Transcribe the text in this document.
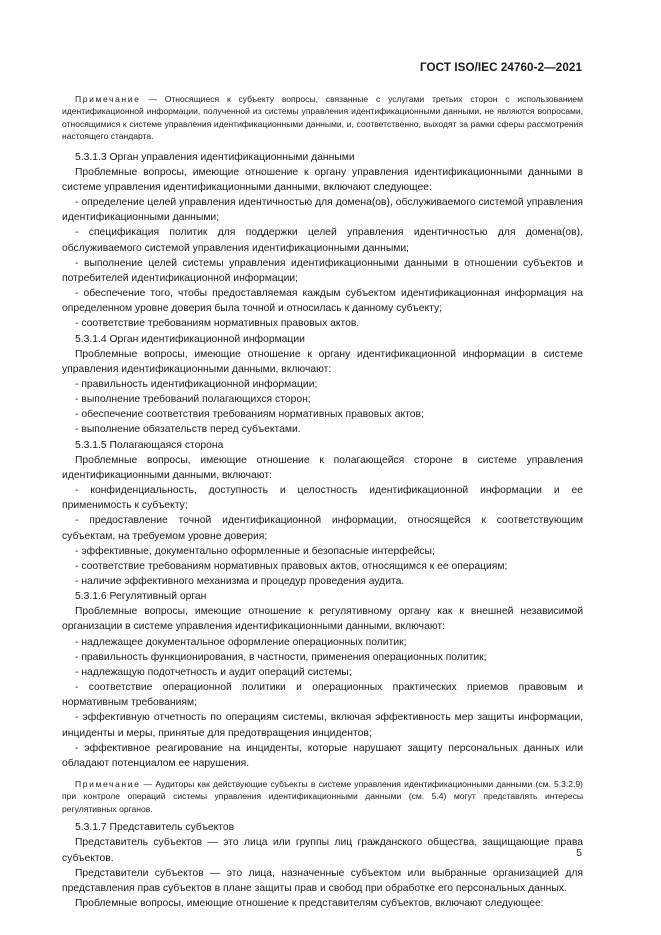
ГОСТ ISO/IEC 24760-2—2021

Примечание — Относящиеся к субъекту вопросы, связанные с услугами третьих сторон с использованием идентификационной информации, полученной из системы управления идентификационными данными, не являются вопросами, относящимися к системе управления идентификационными данными, и, соответственно, выходят за рамки сферы рассмотрения настоящего стандарта.

5.3.1.3 Орган управления идентификационными данными

Проблемные вопросы, имеющие отношение к органу управления идентификационными данными в системе управления идентификационными данными, включают следующее:

- определение целей управления идентичностью для домена(ов), обслуживаемого системой управления идентификационными данными;

- спецификация политик для поддержки целей управления идентичностью для домена(ов), обслуживаемого системой управления идентификационными данными;

- выполнение целей системы управления идентификационными данными в отношении субъектов и потребителей идентификационной информации;

- обеспечение того, чтобы предоставляемая каждым субъектом идентификационная информация на определенном уровне доверия была точной и относилась к данному субъекту;

- соответствие требованиям нормативных правовых актов.

5.3.1.4 Орган идентификационной информации

Проблемные вопросы, имеющие отношение к органу идентификационной информации в системе управления идентификационными данными, включают:

- правильность идентификационной информации;

- выполнение требований полагающихся сторон;

- обеспечение соответствия требованиям нормативных правовых актов;

- выполнение обязательств перед субъектами.

5.3.1.5 Полагающаяся сторона

Проблемные вопросы, имеющие отношение к полагающейся стороне в системе управления идентификационными данными, включают:

- конфиденциальность, доступность и целостность идентификационной информации и ее применимость к субъекту;

- предоставление точной идентификационной информации, относящейся к соответствующим субъектам, на требуемом уровне доверия;

- эффективные, документально оформленные и безопасные интерфейсы;

- соответствие требованиям нормативных правовых актов, относящимся к ее операциям;

- наличие эффективного механизма и процедур проведения аудита.

5.3.1.6 Регулятивный орган

Проблемные вопросы, имеющие отношение к регулятивному органу как к внешней независимой организации в системе управления идентификационными данными, включают:

- надлежащее документальное оформление операционных политик;

- правильность функционирования, в частности, применения операционных политик;

- надлежащую подотчетность и аудит операций системы;

- соответствие операционной политики и операционных практических приемов правовым и нормативным требованиям;

- эффективную отчетность по операциям системы, включая эффективность мер защиты информации, инциденты и меры, принятые для предотвращения инцидентов;

- эффективное реагирование на инциденты, которые нарушают защиту персональных данных или обладают потенциалом ее нарушения.

Примечание — Аудиторы как действующие субъекты в системе управления идентификационными данными (см. 5.3.2.9) при контроле операций системы управления идентификационными данными (см. 5.4) могут представлять интересы регулятивных органов.

5.3.1.7 Представитель субъектов

Представитель субъектов — это лица или группы лиц гражданского общества, защищающие права субъектов.

Представители субъектов — это лица, назначенные субъектом или выбранные организацией для представления прав субъектов в плане защиты прав и свобод при обработке его персональных данных.

Проблемные вопросы, имеющие отношение к представителям субъектов, включают следующее:

5
